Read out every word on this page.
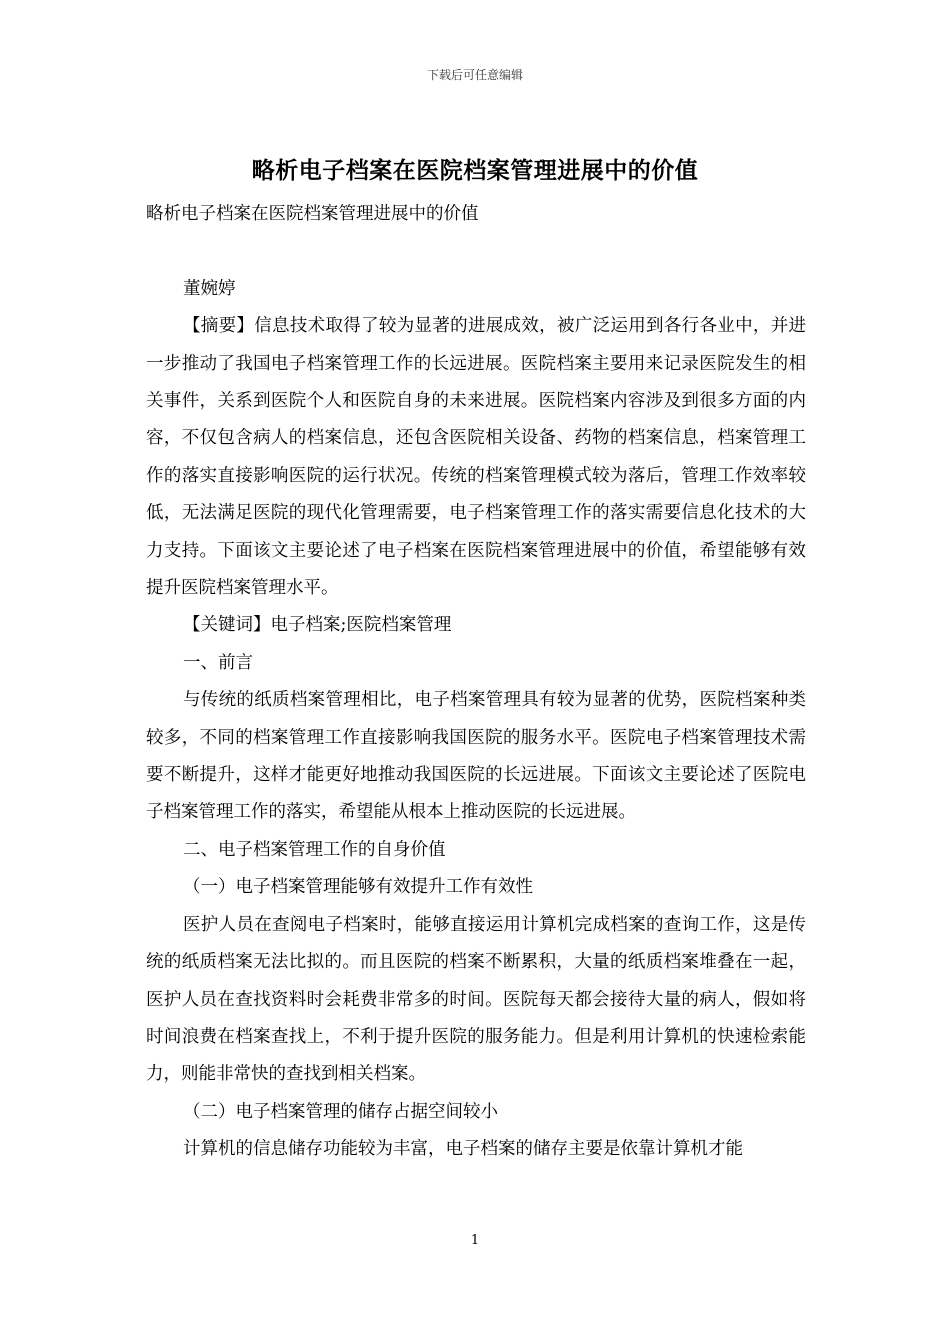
下载后可任意编辑
略析电子档案在医院档案管理进展中的价值

略析电子档案在医院档案管理进展中的价值

董婉婷

【摘要】信息技术取得了较为显著的进展成效，被广泛运用到各行各业中，并进一步推动了我国电子档案管理工作的长远进展。医院档案主要用来记录医院发生的相关事件，关系到医院个人和医院自身的未来进展。医院档案内容涉及到很多方面的内容，不仅包含病人的档案信息，还包含医院相关设备、药物的档案信息，档案管理工作的落实直接影响医院的运行状况。传统的档案管理模式较为落后，管理工作效率较低，无法满足医院的现代化管理需要，电子档案管理工作的落实需要信息化技术的大力支持。下面该文主要论述了电子档案在医院档案管理进展中的价值，希望能够有效提升医院档案管理水平。

【关键词】电子档案;医院档案管理

一、前言

与传统的纸质档案管理相比，电子档案管理具有较为显著的优势，医院档案种类较多，不同的档案管理工作直接影响我国医院的服务水平。医院电子档案管理技术需要不断提升，这样才能更好地推动我国医院的长远进展。下面该文主要论述了医院电子档案管理工作的落实，希望能从根本上推动医院的长远进展。

二、电子档案管理工作的自身价值

（一）电子档案管理能够有效提升工作有效性

医护人员在查阅电子档案时，能够直接运用计算机完成档案的查询工作，这是传统的纸质档案无法比拟的。而且医院的档案不断累积，大量的纸质档案堆叠在一起，医护人员在查找资料时会耗费非常多的时间。医院每天都会接待大量的病人，假如将时间浪费在档案查找上，不利于提升医院的服务能力。但是利用计算机的快速检索能力，则能非常快的查找到相关档案。

（二）电子档案管理的储存占据空间较小

计算机的信息储存功能较为丰富，电子档案的储存主要是依靠计算机才能

1
